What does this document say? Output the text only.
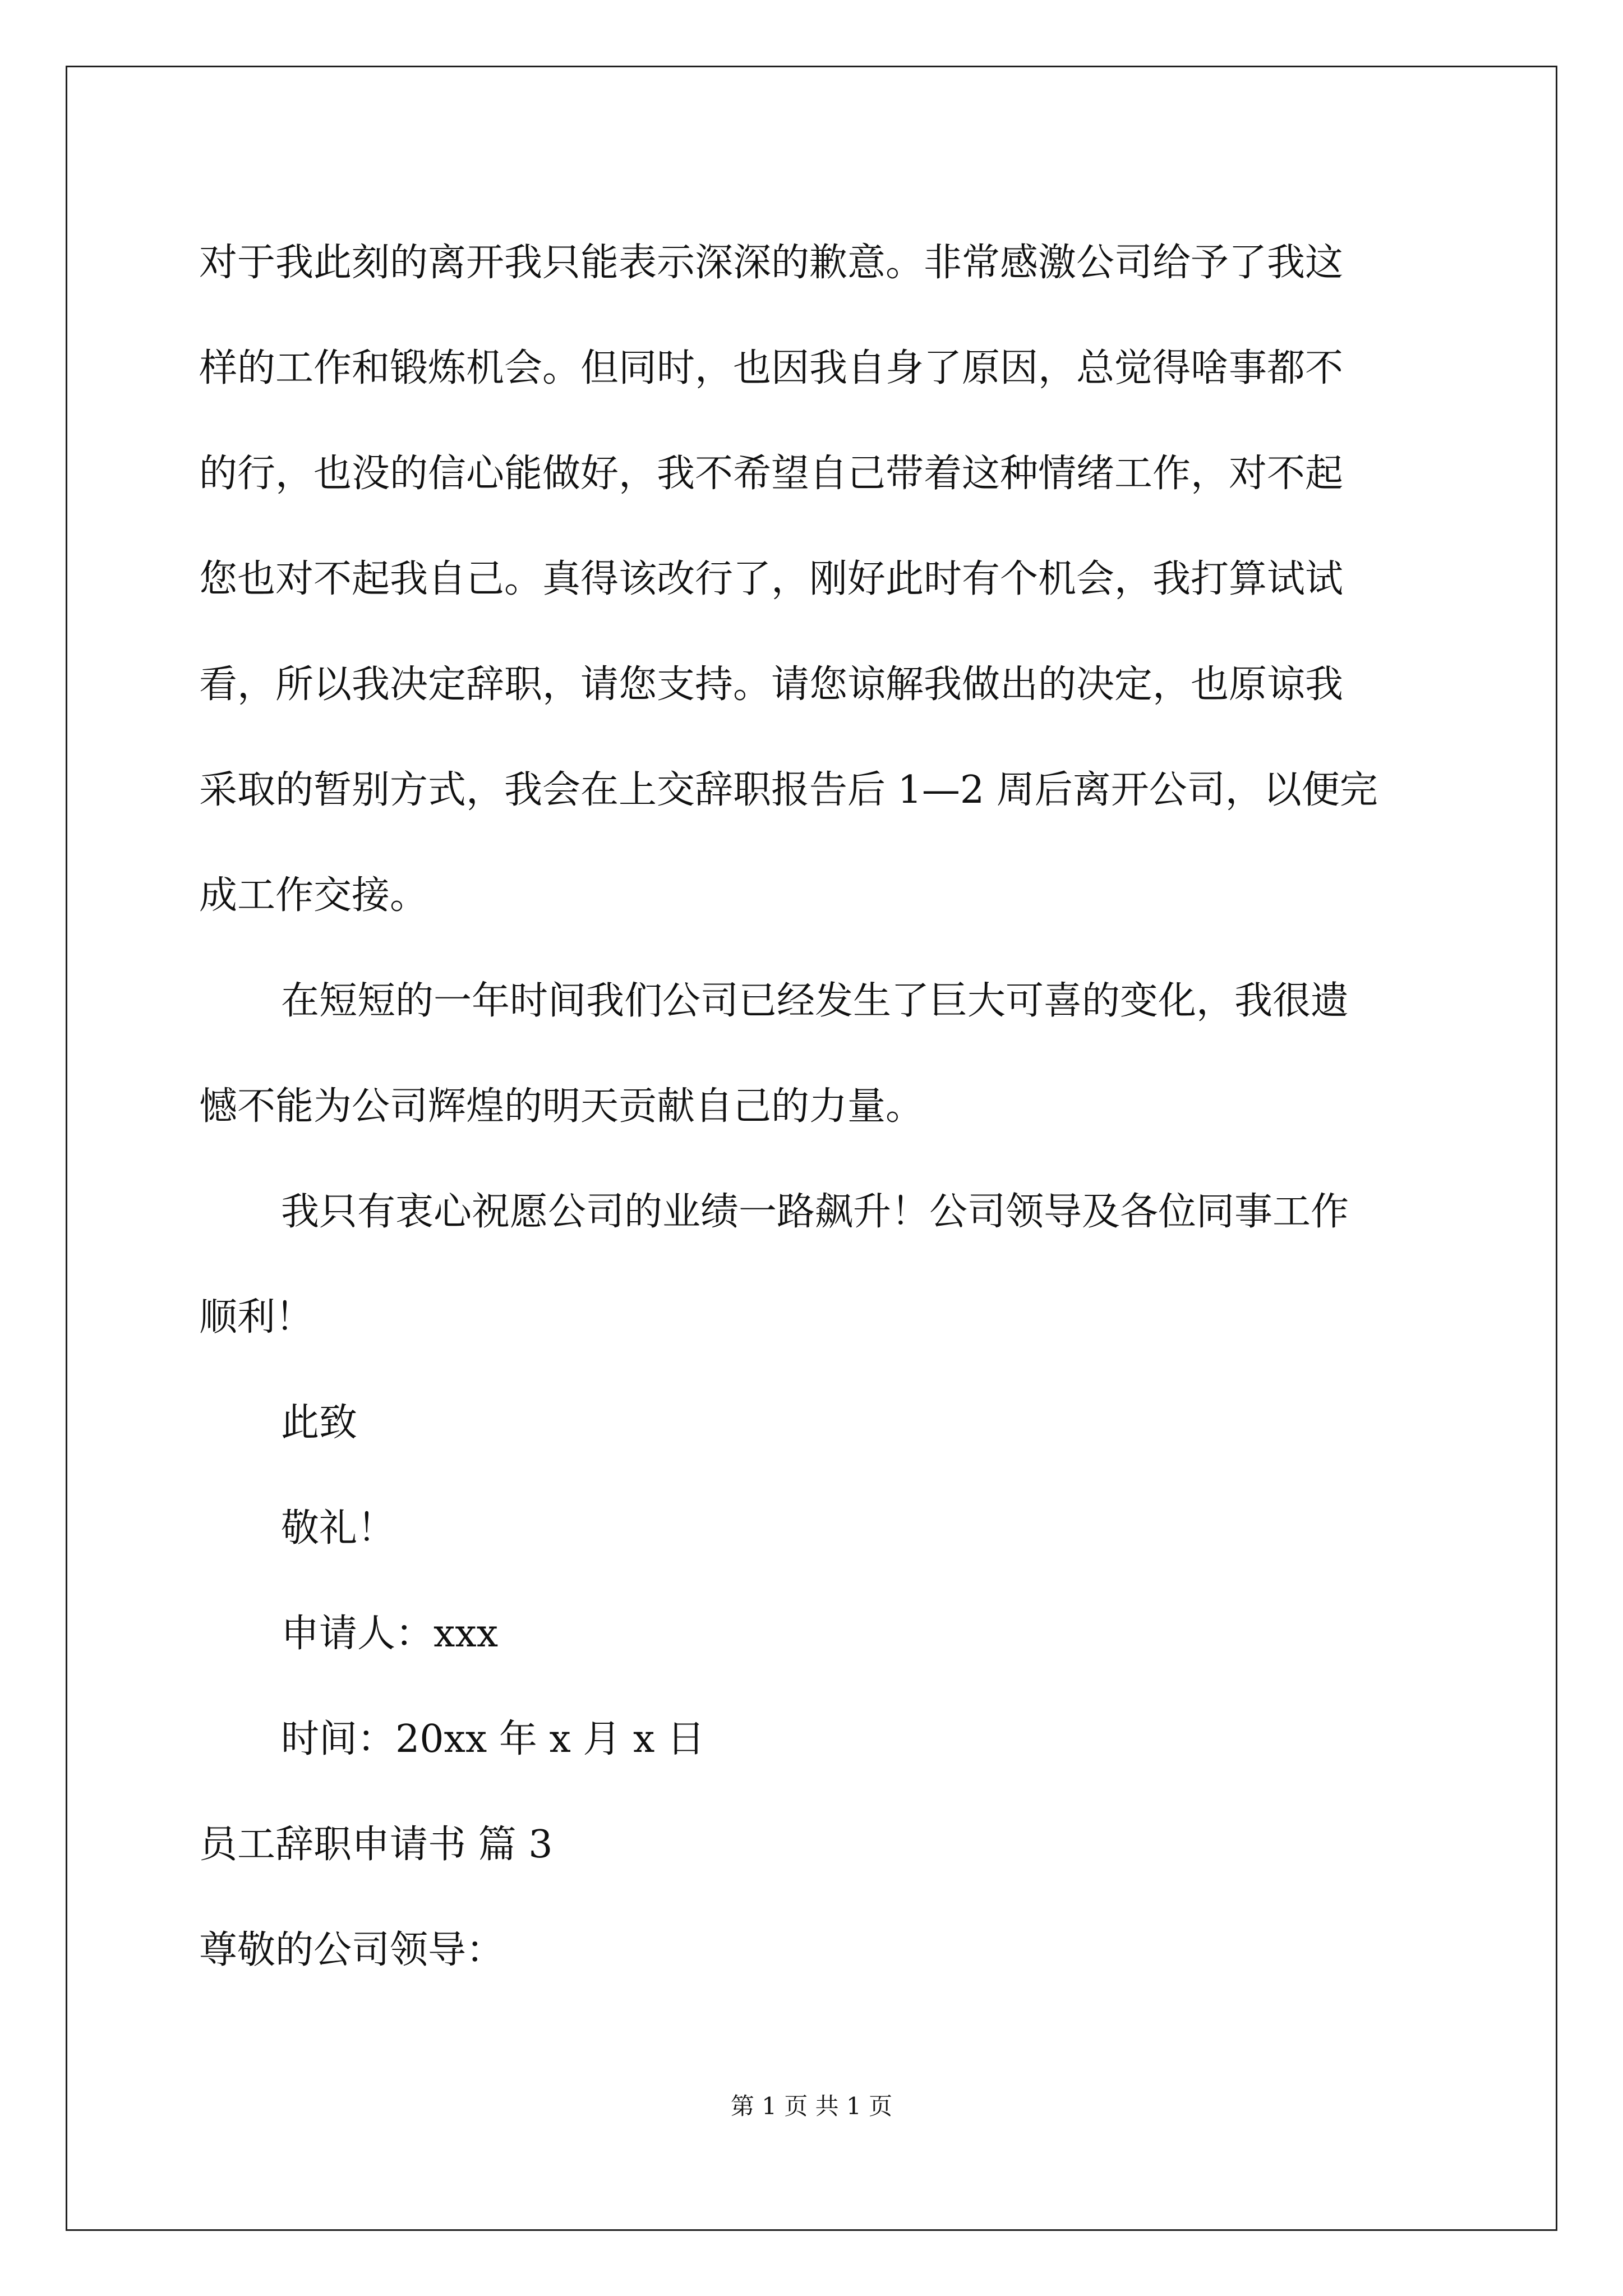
对于我此刻的离开我只能表示深深的歉意。非常感激公司给予了我这
样的工作和锻炼机会。但同时，也因我自身了原因，总觉得啥事都不
的行，也没的信心能做好，我不希望自己带着这种情绪工作，对不起
您也对不起我自己。真得该改行了，刚好此时有个机会，我打算试试
看，所以我决定辞职，请您支持。请您谅解我做出的决定，也原谅我
采取的暂别方式，我会在上交辞职报告后 1—2 周后离开公司，以便完
成工作交接。
在短短的一年时间我们公司已经发生了巨大可喜的变化，我很遗
憾不能为公司辉煌的明天贡献自己的力量。
我只有衷心祝愿公司的业绩一路飙升！公司领导及各位同事工作
顺利！
此致
敬礼！
申请人：xxx
时间：20xx 年 x 月 x 日
员工辞职申请书 篇 3
尊敬的公司领导：
第 1 页 共 1 页
